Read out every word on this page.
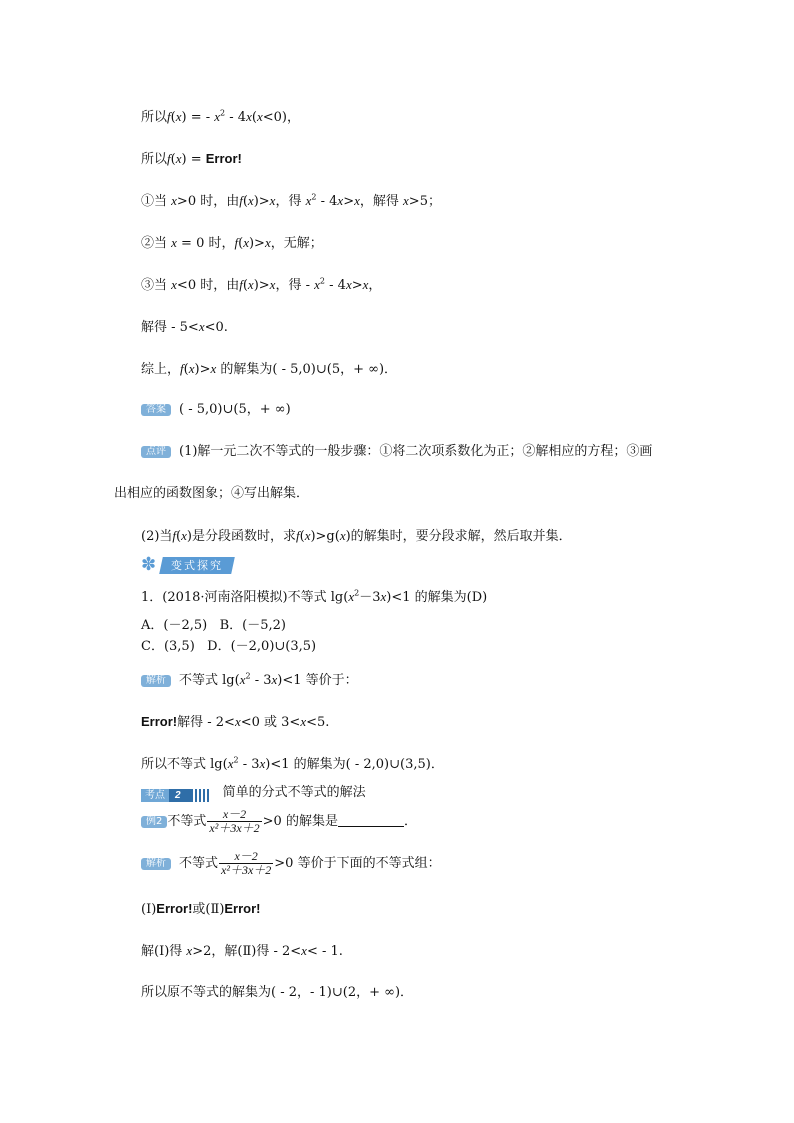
所以f(x) = - $x^2 - 4x(x<0)$，
所以f(x) = Error!
①当 x>0 时，由f(x)>x，得 $x^2 - 4x>x$，解得 x>5；
②当 x = 0 时，f(x)>x，无解；
③当 x<0 时，由f(x)>x，得 - $x^2 - 4x>x$，
解得 - 5<x<0.
综上，f(x)>x 的解集为( - 5,0)∪(5，+ ∞)．
答案 ( - 5,0)∪(5，+ ∞)
点评 (1)解一元二次不等式的一般步骤：①将二次项系数化为正；②解相应的方程；③画
出相应的函数图象；④写出解集．
(2)当f(x)是分段函数时，求f(x)>g(x)的解集时，要分段求解，然后取并集．
✽	变式探究
1．(2018·河南洛阳模拟)不等式 $\lg(x^2-3x)<1$ 的解集为(D)
A．(－2,5)   B．(－5,2)
C．(3,5)   D．(－2,0)∪(3,5)
解析 不等式 $\lg(x^2 - 3x)<1$ 等价于：
Error!解得 - 2<x<0 或 3<x<5.
所以不等式 $\lg(x^2 - 3x)<1$ 的解集为( - 2,0)∪(3,5)．
考点	2	简单的分式不等式的解法
例2 不等式 $\frac{x-2}{\text{x²＋3x＋2}} >0$ 的解集是	．
解析 不等式 $\frac{x-2}{\text{x²＋3x＋2}} >0$ 等价于下面的不等式组：
(Ⅰ)Error!或(Ⅱ)Error!
解(Ⅰ)得 x>2，解(Ⅱ)得 - 2<x< - 1.
所以原不等式的解集为( - 2，- 1)∪(2，+ ∞)．
